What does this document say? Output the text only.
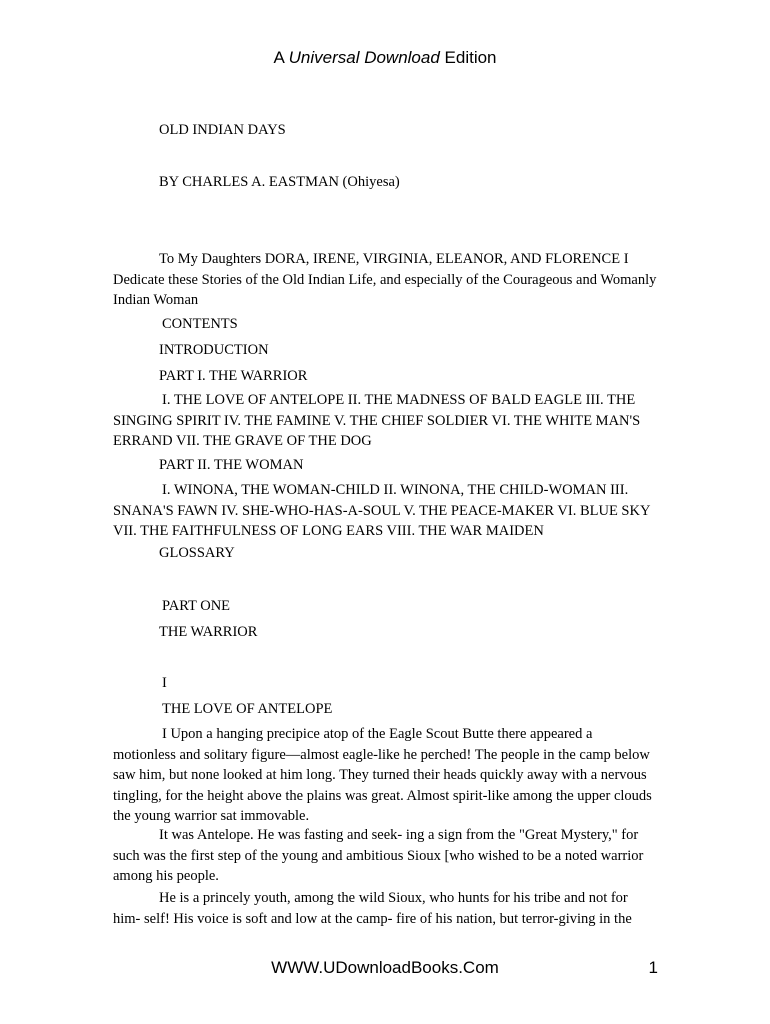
A Universal Download Edition
OLD INDIAN DAYS
BY CHARLES A. EASTMAN (Ohiyesa)
To My Daughters DORA, IRENE, VIRGINIA, ELEANOR, AND FLORENCE I Dedicate these Stories of the Old Indian Life, and especially of the Courageous and Womanly Indian Woman
CONTENTS
INTRODUCTION
PART I. THE WARRIOR
I. THE LOVE OF ANTELOPE II. THE MADNESS OF BALD EAGLE III. THE SINGING SPIRIT IV. THE FAMINE V. THE CHIEF SOLDIER VI. THE WHITE MAN'S ERRAND VII. THE GRAVE OF THE DOG
PART II. THE WOMAN
I. WINONA, THE WOMAN-CHILD II. WINONA, THE CHILD-WOMAN III. SNANA'S FAWN IV. SHE-WHO-HAS-A-SOUL V. THE PEACE-MAKER VI. BLUE SKY VII. THE FAITHFULNESS OF LONG EARS VIII. THE WAR MAIDEN
GLOSSARY
PART ONE
THE WARRIOR
I
THE LOVE OF ANTELOPE
I Upon a hanging precipice atop of the Eagle Scout Butte there appeared a motionless and solitary figure—almost eagle-like he perched! The people in the camp below saw him, but none looked at him long. They turned their heads quickly away with a nervous tingling, for the height above the plains was great. Almost spirit-like among the upper clouds the young warrior sat immovable.
It was Antelope. He was fasting and seek- ing a sign from the "Great Mystery," for such was the first step of the young and ambitious Sioux [who wished to be a noted warrior among his people.
He is a princely youth, among the wild Sioux, who hunts for his tribe and not for him- self! His voice is soft and low at the camp- fire of his nation, but terror-giving in the
WWW.UDownloadBooks.Com	1
